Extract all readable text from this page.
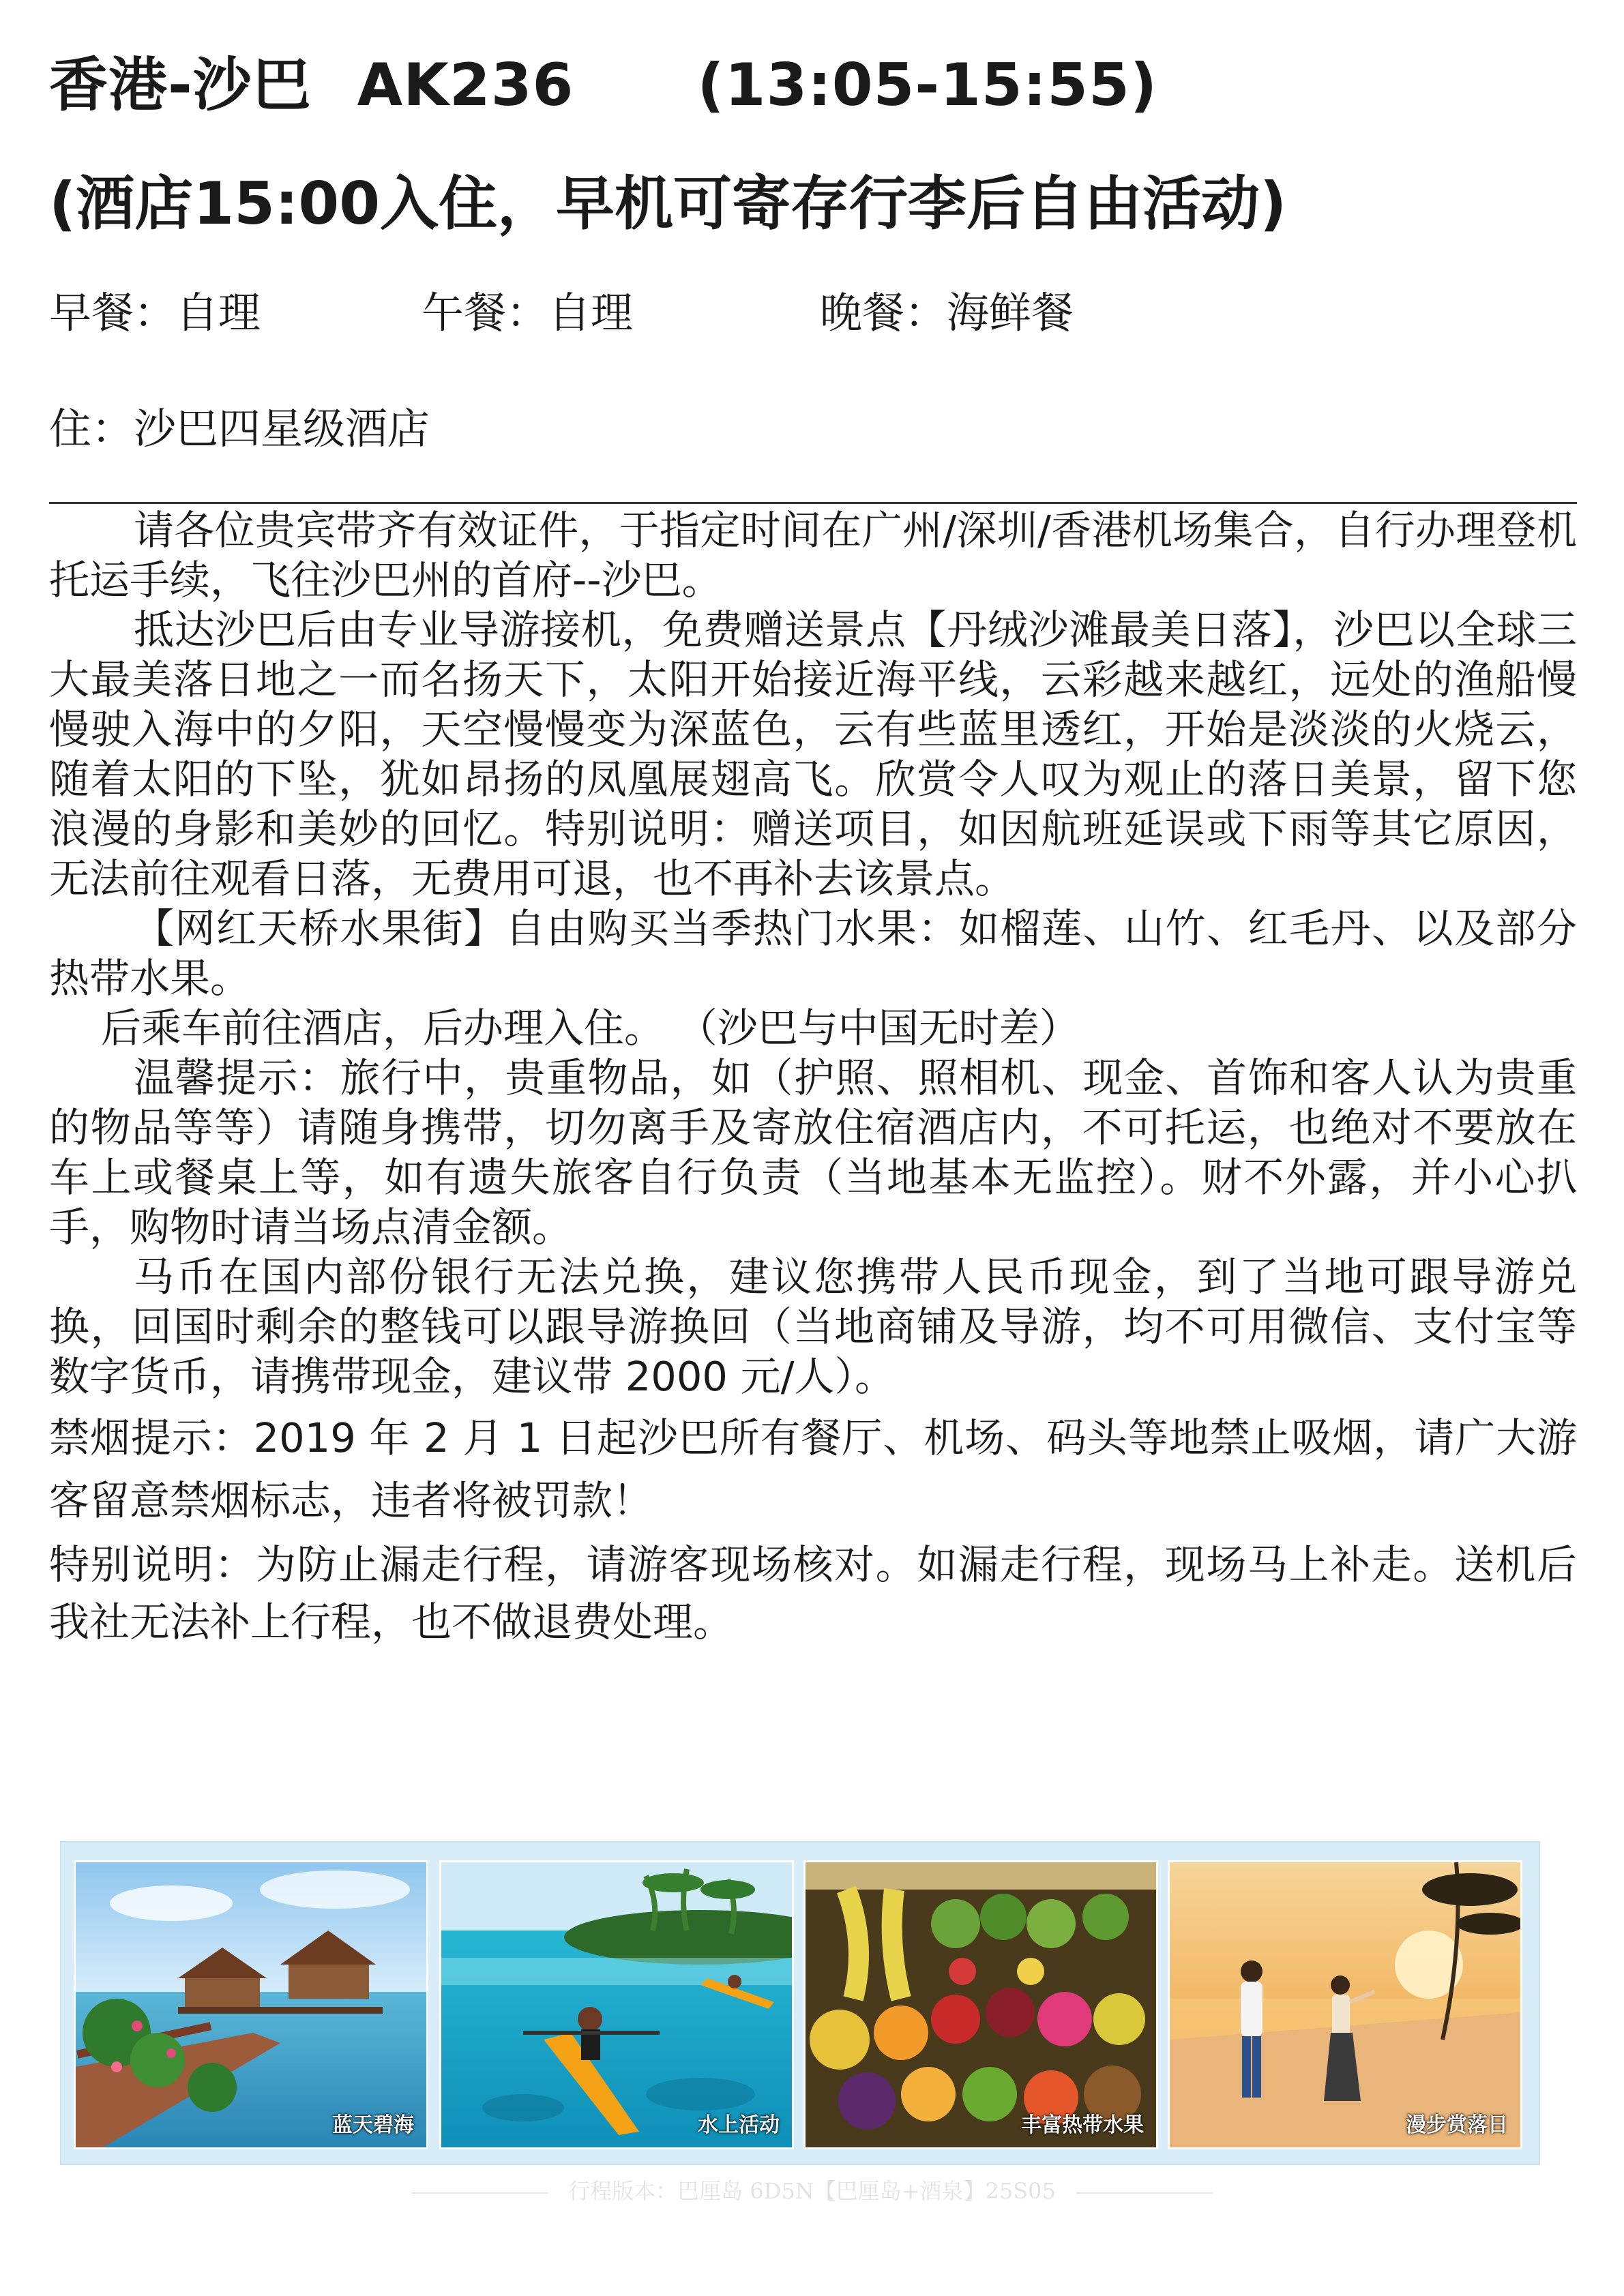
香港-沙巴 AK236 (13:05-15:55)
(酒店15:00入住，早机可寄存行李后自由活动)
早餐：自理	午餐：自理	晚餐：海鲜餐
住：沙巴四星级酒店

请各位贵宾带齐有效证件，于指定时间在广州/深圳/香港机场集合，自行办理登机托运手续，飞往沙巴州的首府--沙巴。

抵达沙巴后由专业导游接机，免费赠送景点【丹绒沙滩最美日落】，沙巴以全球三大最美落日地之一而名扬天下，太阳开始接近海平线，云彩越来越红，远处的渔船慢慢驶入海中的夕阳，天空慢慢变为深蓝色，云有些蓝里透红，开始是淡淡的火烧云，随着太阳的下坠，犹如昂扬的凤凰展翅高飞。欣赏令人叹为观止的落日美景，留下您浪漫的身影和美妙的回忆。特别说明：赠送项目，如因航班延误或下雨等其它原因，无法前往观看日落，无费用可退，也不再补去该景点。

【网红天桥水果街】自由购买当季热门水果：如榴莲、山竹、红毛丹、以及部分热带水果。

后乘车前往酒店，后办理入住。 （沙巴与中国无时差）

温馨提示：旅行中，贵重物品，如（护照、照相机、现金、首饰和客人认为贵重的物品等等）请随身携带，切勿离手及寄放住宿酒店内，不可托运，也绝对不要放在车上或餐桌上等，如有遗失旅客自行负责（当地基本无监控）。财不外露，并小心扒手，购物时请当场点清金额。

马币在国内部份银行无法兑换，建议您携带人民币现金，到了当地可跟导游兑换，回国时剩余的整钱可以跟导游换回（当地商铺及导游，均不可用微信、支付宝等数字货币，请携带现金，建议带 2000 元/人）。

禁烟提示：2019 年 2 月 1 日起沙巴所有餐厅、机场、码头等地禁止吸烟，请广大游客留意禁烟标志，违者将被罚款！

特别说明：为防止漏走行程，请游客现场核对。如漏走行程，现场马上补走。送机后我社无法补上行程，也不做退费处理。

蓝天碧海	水上活动	丰富热带水果	漫步赏落日
行程版本：巴厘岛 6D5N【巴厘岛+酒泉】25S05
